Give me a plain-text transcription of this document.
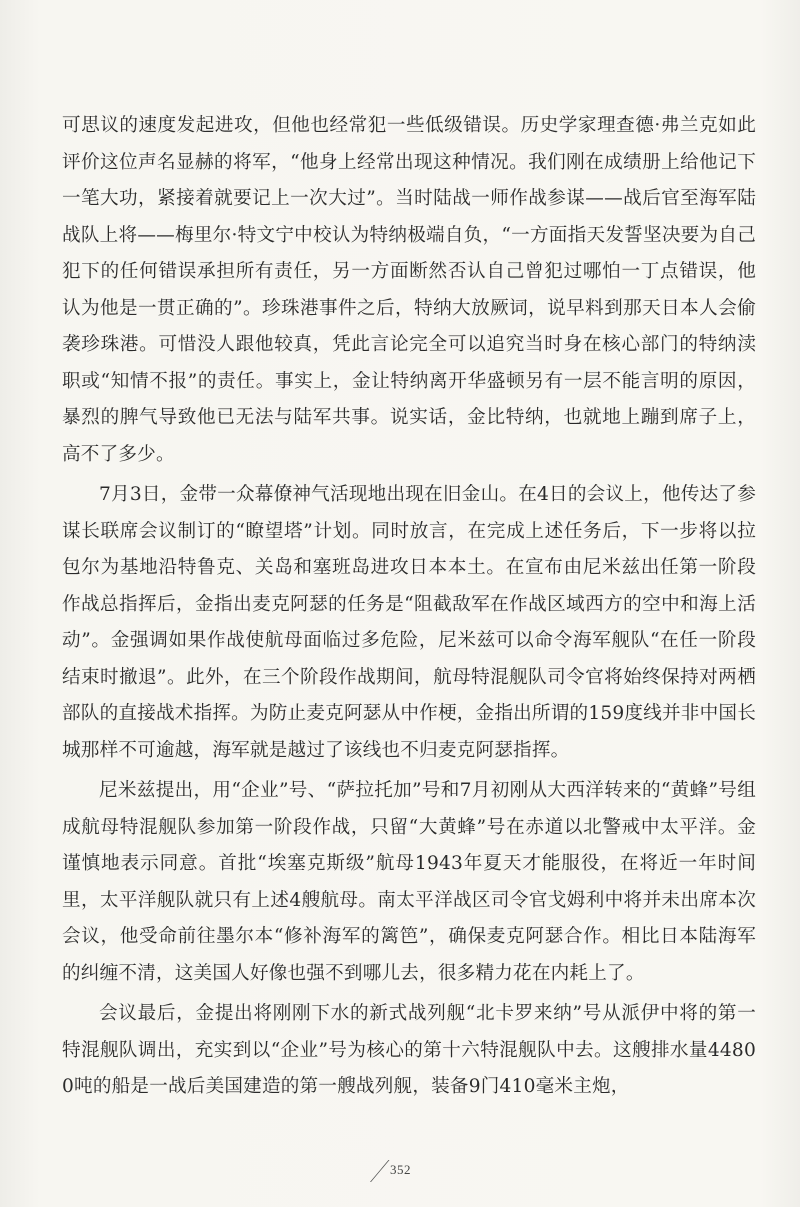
可思议的速度发起进攻，但他也经常犯一些低级错误。历史学家理查德·弗兰克如此评价这位声名显赫的将军，“他身上经常出现这种情况。我们刚在成绩册上给他记下一笔大功，紧接着就要记上一次大过”。当时陆战一师作战参谋——战后官至海军陆战队上将——梅里尔·特文宁中校认为特纳极端自负，“一方面指天发誓坚决要为自己犯下的任何错误承担所有责任，另一方面断然否认自己曾犯过哪怕一丁点错误，他认为他是一贯正确的”。珍珠港事件之后，特纳大放厥词，说早料到那天日本人会偷袭珍珠港。可惜没人跟他较真，凭此言论完全可以追究当时身在核心部门的特纳渎职或“知情不报”的责任。事实上，金让特纳离开华盛顿另有一层不能言明的原因，暴烈的脾气导致他已无法与陆军共事。说实话，金比特纳，也就地上蹦到席子上，高不了多少。

7月3日，金带一众幕僚神气活现地出现在旧金山。在4日的会议上，他传达了参谋长联席会议制订的“瞭望塔”计划。同时放言，在完成上述任务后，下一步将以拉包尔为基地沿特鲁克、关岛和塞班岛进攻日本本土。在宣布由尼米兹出任第一阶段作战总指挥后，金指出麦克阿瑟的任务是“阻截敌军在作战区域西方的空中和海上活动”。金强调如果作战使航母面临过多危险，尼米兹可以命令海军舰队“在任一阶段结束时撤退”。此外，在三个阶段作战期间，航母特混舰队司令官将始终保持对两栖部队的直接战术指挥。为防止麦克阿瑟从中作梗，金指出所谓的159度线并非中国长城那样不可逾越，海军就是越过了该线也不归麦克阿瑟指挥。

尼米兹提出，用“企业”号、“萨拉托加”号和7月初刚从大西洋转来的“黄蜂”号组成航母特混舰队参加第一阶段作战，只留“大黄蜂”号在赤道以北警戒中太平洋。金谨慎地表示同意。首批“埃塞克斯级”航母1943年夏天才能服役，在将近一年时间里，太平洋舰队就只有上述4艘航母。南太平洋战区司令官戈姆利中将并未出席本次会议，他受命前往墨尔本“修补海军的篱笆”，确保麦克阿瑟合作。相比日本陆海军的纠缠不清，这美国人好像也强不到哪儿去，很多精力花在内耗上了。

会议最后，金提出将刚刚下水的新式战列舰“北卡罗来纳”号从派伊中将的第一特混舰队调出，充实到以“企业”号为核心的第十六特混舰队中去。这艘排水量44800吨的船是一战后美国建造的第一艘战列舰，装备9门410毫米主炮，

352
